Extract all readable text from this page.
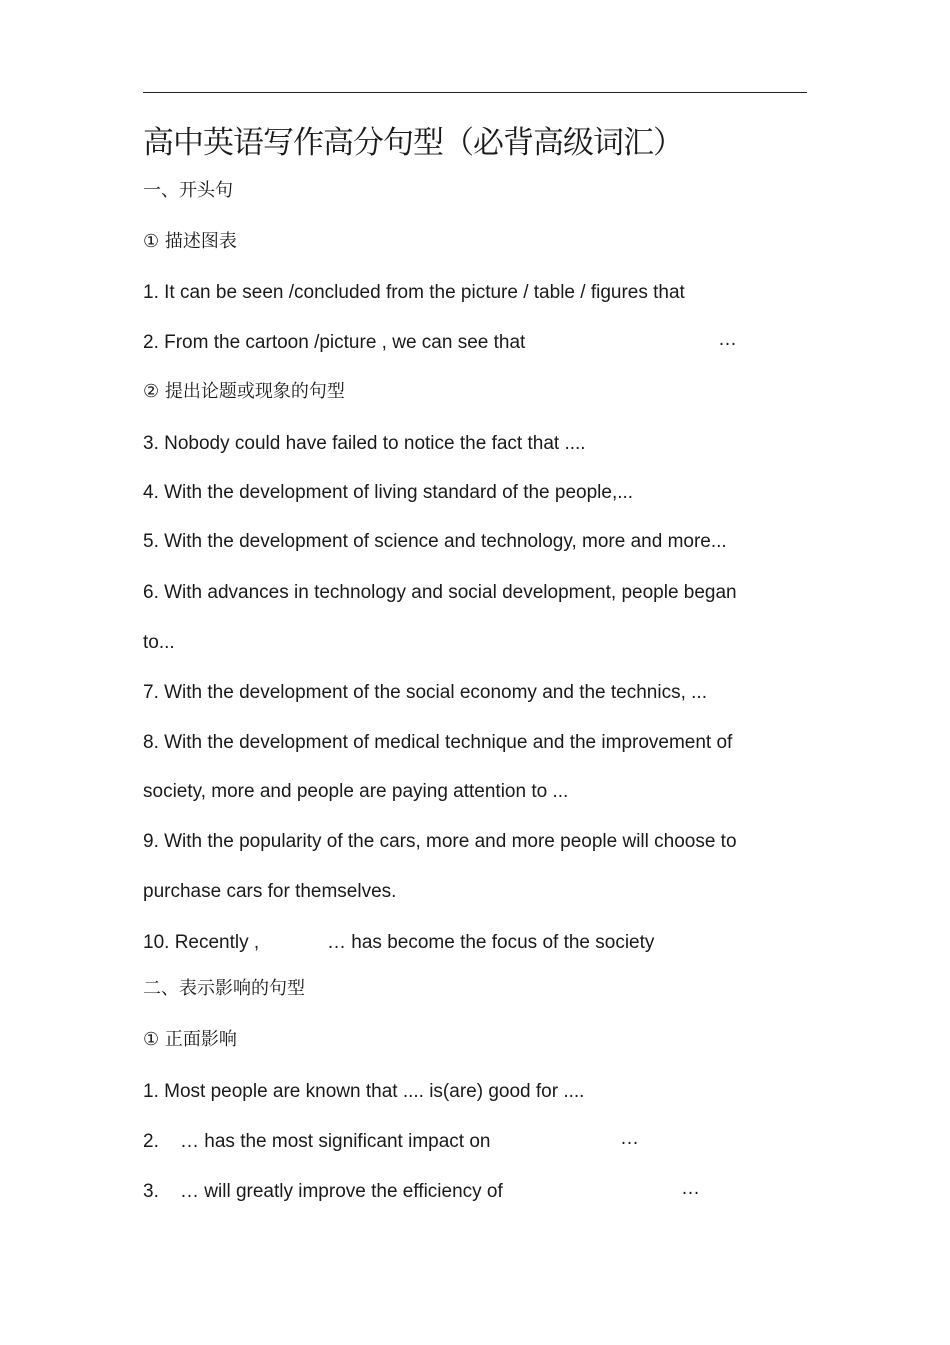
高中英语写作高分句型（必背高级词汇）
一、开头句
① 描述图表
1. It can be seen /concluded from the picture / table / figures that
2. From the cartoon /picture , we can see that	…
② 提出论题或现象的句型
3. Nobody could have failed to notice the fact that ....
4. With the development of living standard of the people,...
5. With the development of science and technology, more and more...
6. With advances in technology and social development, people began
to...
7. With the development of the social economy and the technics, ...
8. With the development of medical technique and the improvement of
society, more and people are paying attention to ...
9. With the popularity of the cars, more and more people will choose to
purchase cars for themselves.
10. Recently ,	… has become the focus of the society
二、表示影响的句型
① 正面影响
1. Most people are known that .... is(are) good for ....
2. … has the most significant impact on	…
3. … will greatly improve the efficiency of	…
